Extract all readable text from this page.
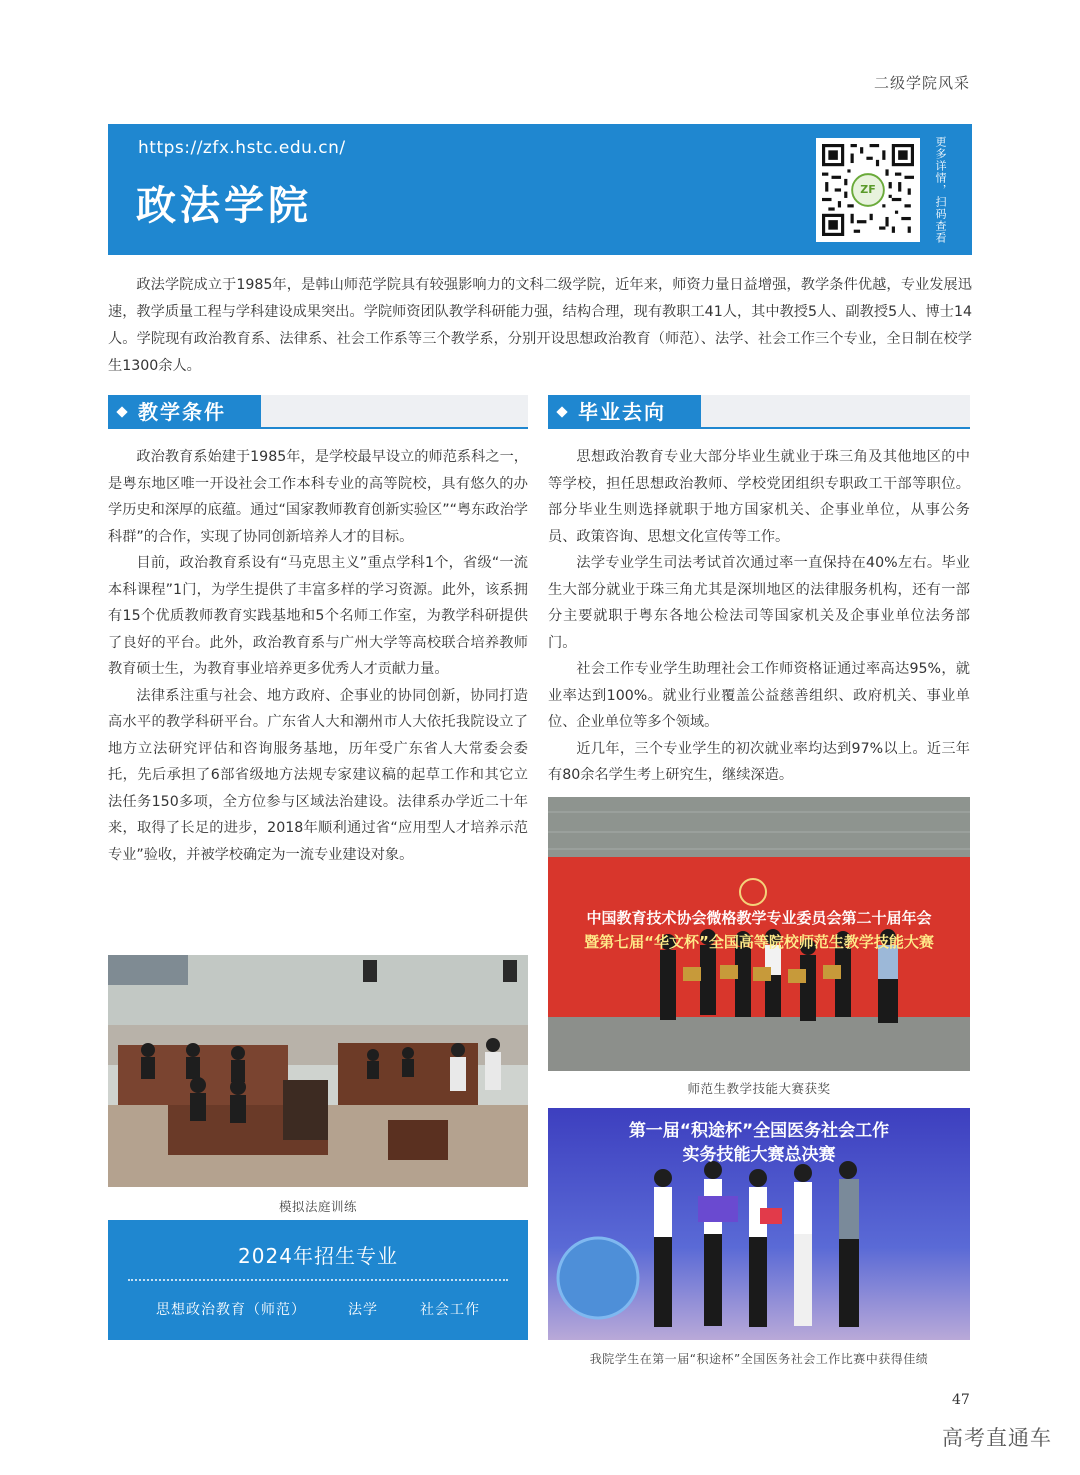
二级学院风采
https://zfx.hstc.edu.cn/
政法学院	ZF	更多详情，扫码查看
政法学院成立于1985年，是韩山师范学院具有较强影响力的文科二级学院，近年来，师资力量日益增强，教学条件优越，专业发展迅速，教学质量工程与学科建设成果突出。学院师资团队教学科研能力强，结构合理，现有教职工41人，其中教授5人、副教授5人、博士14人。学院现有政治教育系、法律系、社会工作系等三个教学系，分别开设思想政治教育（师范）、法学、社会工作三个专业，全日制在校学生1300余人。
教学条件

政治教育系始建于1985年，是学校最早设立的师范系科之一，是粤东地区唯一开设社会工作本科专业的高等院校，具有悠久的办学历史和深厚的底蕴。通过“国家教师教育创新实验区”“粤东政治学科群”的合作，实现了协同创新培养人才的目标。

目前，政治教育系设有“马克思主义”重点学科1个，省级“一流本科课程”1门，为学生提供了丰富多样的学习资源。此外，该系拥有15个优质教师教育实践基地和5个名师工作室，为教学科研提供了良好的平台。此外，政治教育系与广州大学等高校联合培养教师教育硕士生，为教育事业培养更多优秀人才贡献力量。

法律系注重与社会、地方政府、企事业的协同创新，协同打造高水平的教学科研平台。广东省人大和潮州市人大依托我院设立了地方立法研究评估和咨询服务基地，历年受广东省人大常委会委托，先后承担了6部省级地方法规专家建议稿的起草工作和其它立法任务150多项，全方位参与区域法治建设。法律系办学近二十年来，取得了长足的进步，2018年顺利通过省“应用型人才培养示范专业”验收，并被学校确定为一流专业建设对象。

模拟法庭训练
2024年招生专业
思想政治教育（师范）	法学	社会工作
毕业去向

思想政治教育专业大部分毕业生就业于珠三角及其他地区的中等学校，担任思想政治教师、学校党团组织专职政工干部等职位。部分毕业生则选择就职于地方国家机关、企事业单位，从事公务员、政策咨询、思想文化宣传等工作。

法学专业学生司法考试首次通过率一直保持在40%左右。毕业生大部分就业于珠三角尤其是深圳地区的法律服务机构，还有一部分主要就职于粤东各地公检法司等国家机关及企事业单位法务部门。

社会工作专业学生助理社会工作师资格证通过率高达95%，就业率达到100%。就业行业覆盖公益慈善组织、政府机关、事业单位、企业单位等多个领域。

近几年，三个专业学生的初次就业率均达到97%以上。近三年有80余名学生考上研究生，继续深造。

中国教育技术协会微格教学专业委员会第二十届年会
暨第七届“华文杯”全国高等院校师范生教学技能大赛
师范生教学技能大赛获奖
第一届“积途杯”全国医务社会工作
实务技能大赛总决赛
我院学生在第一届“积途杯”全国医务社会工作比赛中获得佳绩
47
高考直通车
